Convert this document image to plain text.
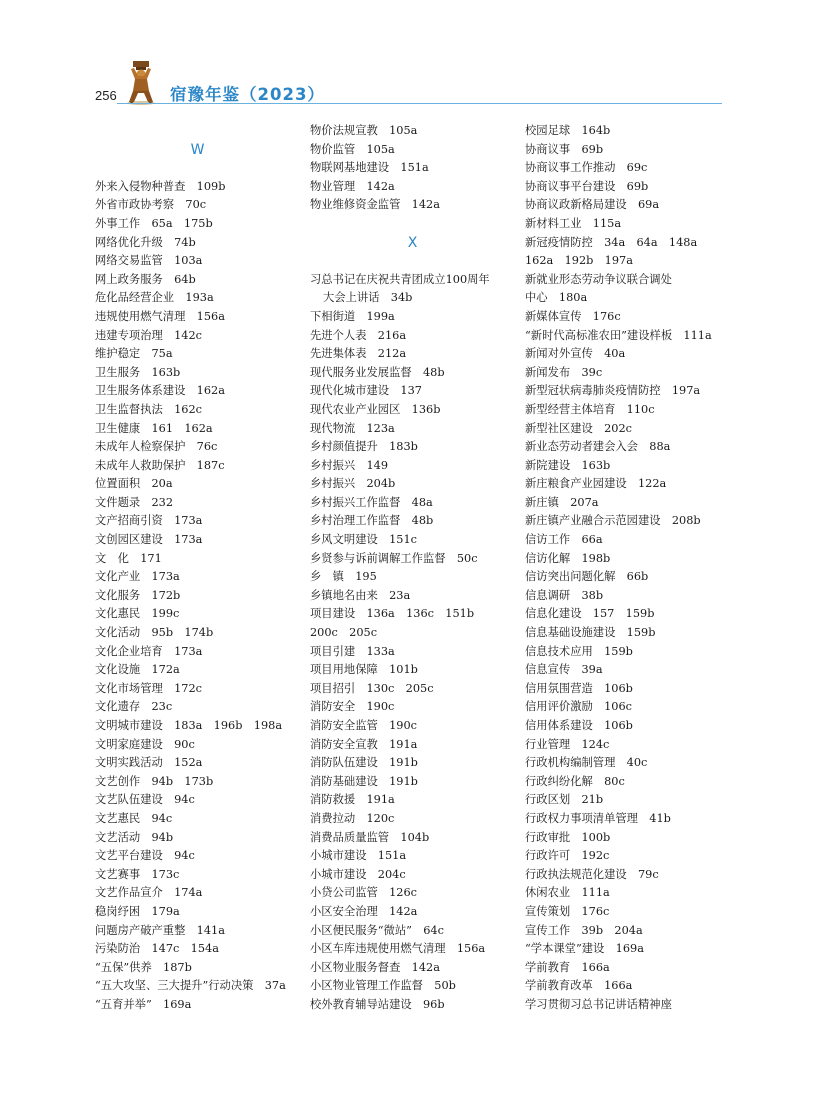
256	宿豫年鉴（2023）
W
外来入侵物种普查　109b
外省市政协考察　70c
外事工作　65a　175b
网络优化升级　74b
网络交易监管　103a
网上政务服务　64b
危化品经营企业　193a
违规使用燃气清理　156a
违建专项治理　142c
维护稳定　75a
卫生服务　163b
卫生服务体系建设　162a
卫生监督执法　162c
卫生健康　161　162a
未成年人检察保护　76c
未成年人救助保护　187c
位置面积　20a
文件题录　232
文产招商引资　173a
文创园区建设　173a
文　化　171
文化产业　173a
文化服务　172b
文化惠民　199c
文化活动　95b　174b
文化企业培育　173a
文化设施　172a
文化市场管理　172c
文化遗存　23c
文明城市建设　183a　196b　198a
文明家庭建设　90c
文明实践活动　152a
文艺创作　94b　173b
文艺队伍建设　94c
文艺惠民　94c
文艺活动　94b
文艺平台建设　94c
文艺赛事　173c
文艺作品宣介　174a
稳岗纾困　179a
问题房产破产重整　141a
污染防治　147c　154a
“五保”供养　187b
“五大攻坚、三大提升”行动决策　37a
“五育并举”　169a
物价法规宣教　105a
物价监管　105a
物联网基地建设　151a
物业管理　142a
物业维修资金监管　142a
X
习总书记在庆祝共青团成立100周年
大会上讲话　34b
下相街道　199a
先进个人表　216a
先进集体表　212a
现代服务业发展监督　48b
现代化城市建设　137
现代农业产业园区　136b
现代物流　123a
乡村颜值提升　183b
乡村振兴　149
乡村振兴　204b
乡村振兴工作监督　48a
乡村治理工作监督　48b
乡风文明建设　151c
乡贤参与诉前调解工作监督　50c
乡　镇　195
乡镇地名由来　23a
项目建设　136a　136c　151b
200c　205c
项目引建　133a
项目用地保障　101b
项目招引　130c　205c
消防安全　190c
消防安全监管　190c
消防安全宣教　191a
消防队伍建设　191b
消防基础建设　191b
消防救援　191a
消费拉动　120c
消费品质量监管　104b
小城市建设　151a
小城市建设　204c
小贷公司监管　126c
小区安全治理　142a
小区便民服务“微站”　64c
小区车库违规使用燃气清理　156a
小区物业服务督查　142a
小区物业管理工作监督　50b
校外教育辅导站建设　96b
校园足球　164b
协商议事　69b
协商议事工作推动　69c
协商议事平台建设　69b
协商议政新格局建设　69a
新材料工业　115a
新冠疫情防控　34a　64a　148a
162a　192b　197a
新就业形态劳动争议联合调处
中心　180a
新媒体宣传　176c
“新时代高标准农田”建设样板　111a
新闻对外宣传　40a
新闻发布　39c
新型冠状病毒肺炎疫情防控　197a
新型经营主体培育　110c
新型社区建设　202c
新业态劳动者建会入会　88a
新院建设　163b
新庄粮食产业园建设　122a
新庄镇　207a
新庄镇产业融合示范园建设　208b
信访工作　66a
信访化解　198b
信访突出问题化解　66b
信息调研　38b
信息化建设　157　159b
信息基础设施建设　159b
信息技术应用　159b
信息宣传　39a
信用氛围营造　106b
信用评价激励　106c
信用体系建设　106b
行业管理　124c
行政机构编制管理　40c
行政纠纷化解　80c
行政区划　21b
行政权力事项清单管理　41b
行政审批　100b
行政许可　192c
行政执法规范化建设　79c
休闲农业　111a
宣传策划　176c
宣传工作　39b　204a
“学本课堂”建设　169a
学前教育　166a
学前教育改革　166a
学习贯彻习总书记讲话精神座
